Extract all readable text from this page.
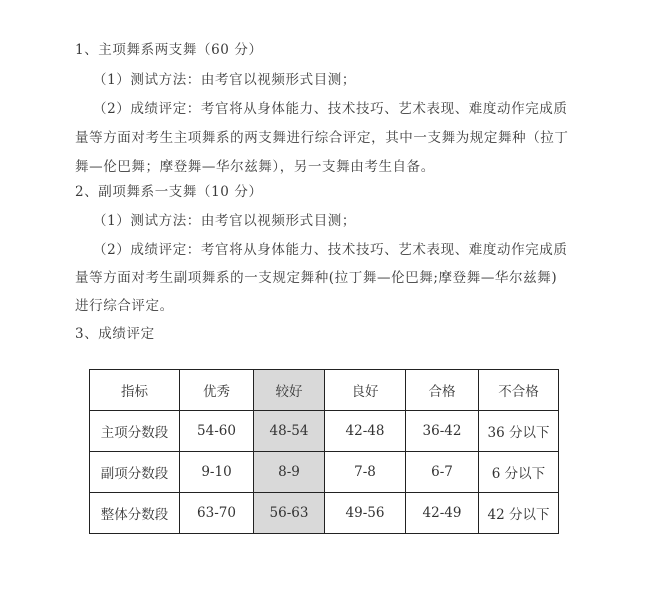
1、主项舞系两支舞（60 分）
（1）测试方法：由考官以视频形式目测；
（2）成绩评定：考官将从身体能力、技术技巧、艺术表现、难度动作完成质
量等方面对考生主项舞系的两支舞进行综合评定，其中一支舞为规定舞种（拉丁
舞—伦巴舞；摩登舞—华尔兹舞），另一支舞由考生自备。
2、副项舞系一支舞（10 分）
（1）测试方法：由考官以视频形式目测；
（2）成绩评定：考官将从身体能力、技术技巧、艺术表现、难度动作完成质
量等方面对考生副项舞系的一支规定舞种(拉丁舞—伦巴舞;摩登舞—华尔兹舞)
进行综合评定。
3、成绩评定
指标	优秀	较好	良好	合格	不合格
主项分数段	54-60	48-54	42-48	36-42	36 分以下
副项分数段	9-10	8-9	7-8	6-7	6 分以下
整体分数段	63-70	56-63	49-56	42-49	42 分以下
